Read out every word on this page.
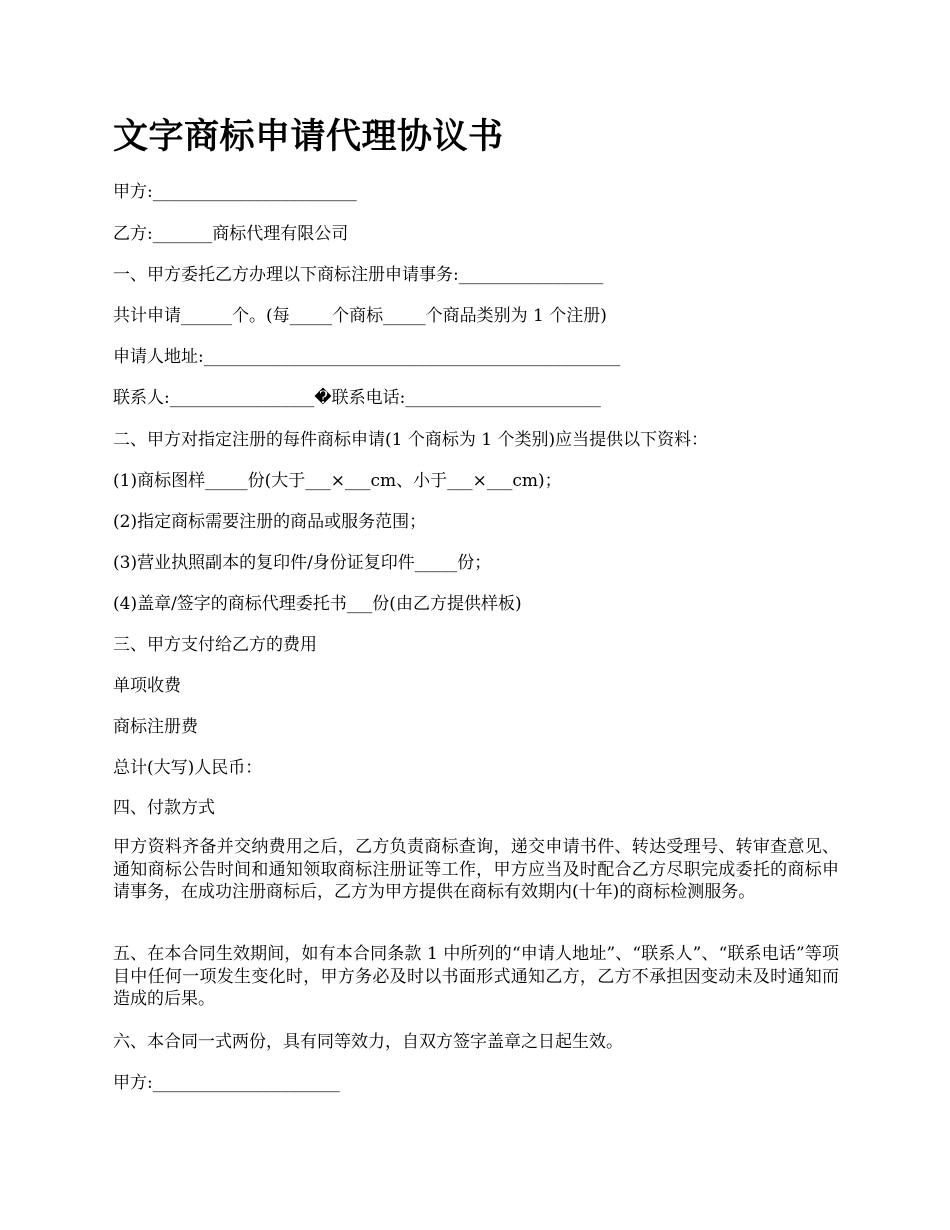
文字商标申请代理协议书

甲方:________________________

乙方:_______商标代理有限公司

一、甲方委托乙方办理以下商标注册申请事务:_________________

共计申请______个。(每_____个商标_____个商品类别为 1 个注册)

申请人地址:_________________________________________________

联系人:_________________�联系电话:_______________________

二、甲方对指定注册的每件商标申请(1 个商标为 1 个类别)应当提供以下资料：

(1)商标图样_____份(大于___×___cm、小于___×___cm)；

(2)指定商标需要注册的商品或服务范围；

(3)营业执照副本的复印件/身份证复印件_____份；

(4)盖章/签字的商标代理委托书___份(由乙方提供样板)

三、甲方支付给乙方的费用

单项收费

商标注册费

总计(大写)人民币：

四、付款方式

甲方资料齐备并交纳费用之后，乙方负责商标查询，递交申请书件、转达受理号、转审查意见、通知商标公告时间和通知领取商标注册证等工作，甲方应当及时配合乙方尽职完成委托的商标申请事务，在成功注册商标后，乙方为甲方提供在商标有效期内(十年)的商标检测服务。

五、在本合同生效期间，如有本合同条款 1 中所列的“申请人地址”、“联系人”、“联系电话”等项目中任何一项发生变化时，甲方务必及时以书面形式通知乙方，乙方不承担因变动未及时通知而造成的后果。

六、本合同一式两份，具有同等效力，自双方签字盖章之日起生效。

甲方:______________________
